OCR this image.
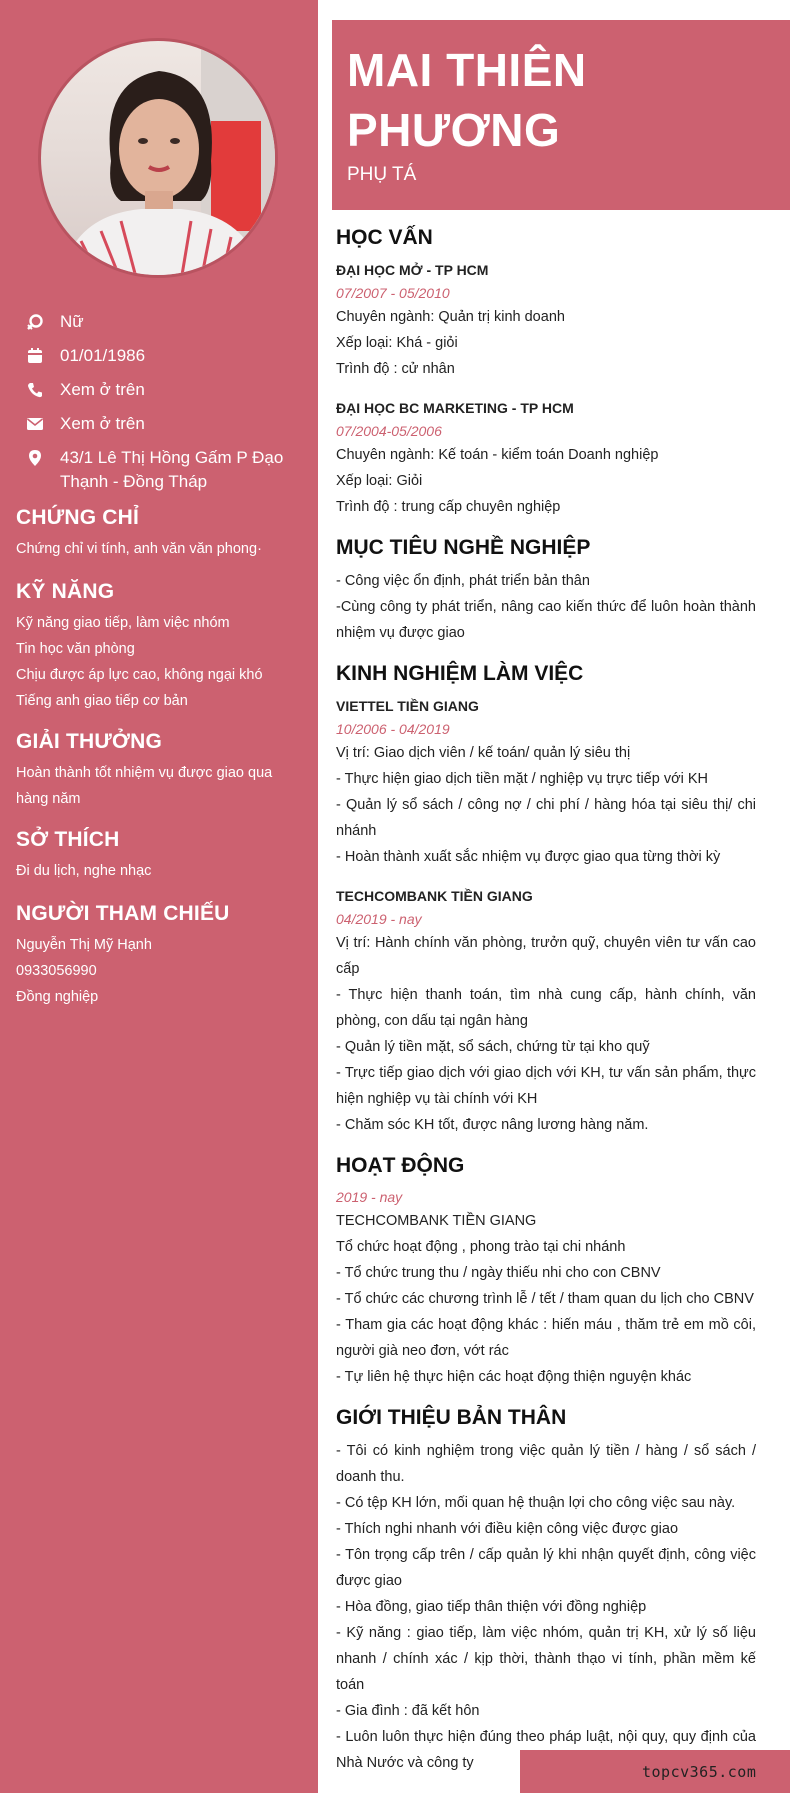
Nữ
01/01/1986
Xem ở trên
Xem ở trên
43/1 Lê Thị Hồng Gấm P Đạo Thạnh - Đồng Tháp
CHỨNG CHỈ

Chứng chỉ vi tính, anh văn văn phong·

KỸ NĂNG

Kỹ năng giao tiếp, làm việc nhóm

Tin học văn phòng

Chịu được áp lực cao, không ngại khó

Tiếng anh giao tiếp cơ bản

GIẢI THƯỞNG

Hoàn thành tốt nhiệm vụ được giao qua hàng năm

SỞ THÍCH

Đi du lịch, nghe nhạc

NGƯỜI THAM CHIẾU

Nguyễn Thị Mỹ Hạnh

0933056990

Đồng nghiệp

MAI THIÊN
PHƯƠNG
PHỤ TÁ
HỌC VẤN
ĐẠI HỌC MỞ - TP HCM
07/2007 - 05/2010

Chuyên ngành: Quản trị kinh doanh

Xếp loại: Khá - giỏi

Trình độ : cử nhân

ĐẠI HỌC BC MARKETING - TP HCM
07/2004-05/2006

Chuyên ngành: Kế toán - kiểm toán Doanh nghiệp

Xếp loại: Giỏi

Trình độ : trung cấp chuyên nghiệp

MỤC TIÊU NGHỀ NGHIỆP

- Công việc ổn định, phát triển bản thân

-Cùng công ty phát triển, nâng cao kiến thức để luôn hoàn thành nhiệm vụ được giao

KINH NGHIỆM LÀM VIỆC
VIETTEL TIỀN GIANG
10/2006 - 04/2019

Vị trí: Giao dịch viên / kế toán/ quản lý siêu thị

- Thực hiện giao dịch tiền mặt / nghiệp vụ trực tiếp với KH

- Quản lý sổ sách / công nợ / chi phí / hàng hóa tại siêu thị/ chi nhánh

- Hoàn thành xuất sắc nhiệm vụ được giao qua từng thời kỳ

TECHCOMBANK TIỀN GIANG
04/2019 - nay

Vị trí: Hành chính văn phòng, trưởn quỹ, chuyên viên tư vấn cao cấp

- Thực hiện thanh toán, tìm nhà cung cấp, hành chính, văn phòng, con dấu tại ngân hàng

- Quản lý tiền mặt, sổ sách, chứng từ tại kho quỹ

- Trực tiếp giao dịch với giao dịch với KH, tư vấn sản phẩm, thực hiện nghiệp vụ tài chính với KH

- Chăm sóc KH tốt, được nâng lương hàng năm.

HOẠT ĐỘNG
2019 - nay

TECHCOMBANK TIỀN GIANG

Tổ chức hoạt động , phong trào tại chi nhánh

- Tổ chức trung thu / ngày thiếu nhi cho con CBNV

- Tổ chức các chương trình lễ / tết / tham quan du lịch cho CBNV

- Tham gia các hoạt động khác : hiến máu , thăm trẻ em mồ côi, người già neo đơn, vớt rác

- Tự liên hệ thực hiện các hoạt động thiện nguyện khác

GIỚI THIỆU BẢN THÂN

- Tôi có kinh nghiệm trong việc quản lý tiền / hàng / sổ sách / doanh thu.

- Có tệp KH lớn, mối quan hệ thuận lợi cho công việc sau này.

- Thích nghi nhanh với điều kiện công việc được giao

- Tôn trọng cấp trên / cấp quản lý khi nhận quyết định, công việc được giao

- Hòa đồng, giao tiếp thân thiện với đồng nghiệp

- Kỹ năng : giao tiếp, làm việc nhóm, quản trị KH, xử lý số liệu nhanh / chính xác / kịp thời, thành thạo vi tính, phần mềm kế toán

- Gia đình : đã kết hôn

- Luôn luôn thực hiện đúng theo pháp luật, nội quy, quy định của Nhà Nước và công ty	topcv365.com
